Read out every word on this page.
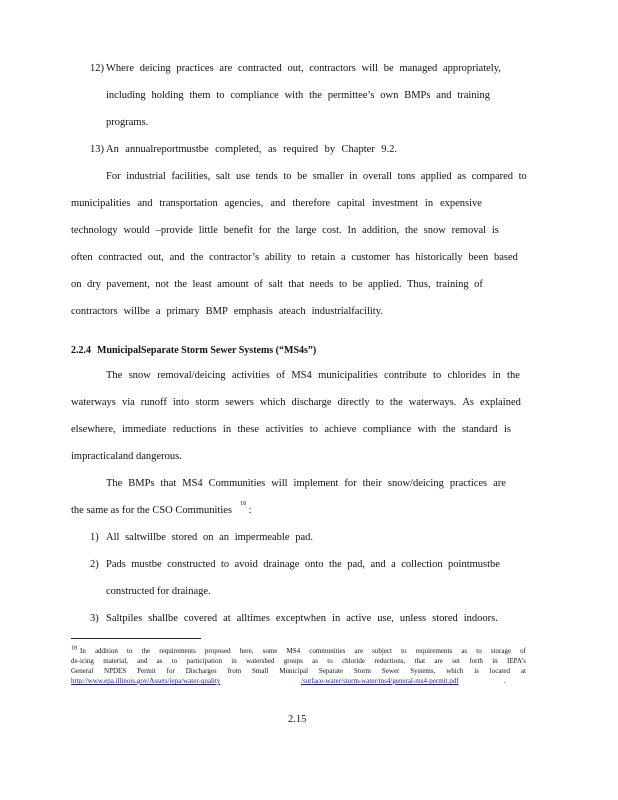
12) Where deicing practices are contracted out, contractors will be managed appropriately,
including holding them to compliance with the permittee’s own BMPs and training
programs.
13) An annualreportmustbe completed, as required by Chapter 9.2.
For industrial facilities, salt use tends to be smaller in overall tons applied as compared to
municipalities and transportation agencies, and therefore capital investment in expensive
technology would –provide little benefit for the large cost. In addition, the snow removal is
often contracted out, and the contractor’s ability to retain a customer has historically been based
on dry pavement, not the least amount of salt that needs to be applied. Thus, training of
contractors willbe a primary BMP emphasis ateach industrialfacility.
2.2.4 MunicipalSeparate Storm Sewer Systems (“MS4s”)
The snow removal/deicing activities of MS4 municipalities contribute to chlorides in the
waterways via runoff into storm sewers which discharge directly to the waterways. As explained
elsewhere, immediate reductions in these activities to achieve compliance with the standard is
impracticaland dangerous.
The BMPs that MS4 Communities will implement for their snow/deicing practices are
the same as for the CSO Communities
18
:
1) All saltwillbe stored on an impermeable pad.
2) Pads mustbe constructed to avoid drainage onto the pad, and a collection pointmustbe
constructed for drainage.
3) Saltpiles shallbe covered at alltimes exceptwhen in active use, unless stored indoors.
$^{18}$ In addition to the requirements proposed here, some MS4 communities are subject to requirements as to storage of
de-icing material, and as to participation in watershed groups as to chloride reductions, that are set forth in IEPA’s
General NPDES Permit for Discharges from Small Municipal Separate Storm Sewer Systems, which is located at
http://www.epa.illinois.gov/Assets/iepa/water-quality	/surface-water/storm-water/ms4/general-ms4-permit.pdf	.
2.15
